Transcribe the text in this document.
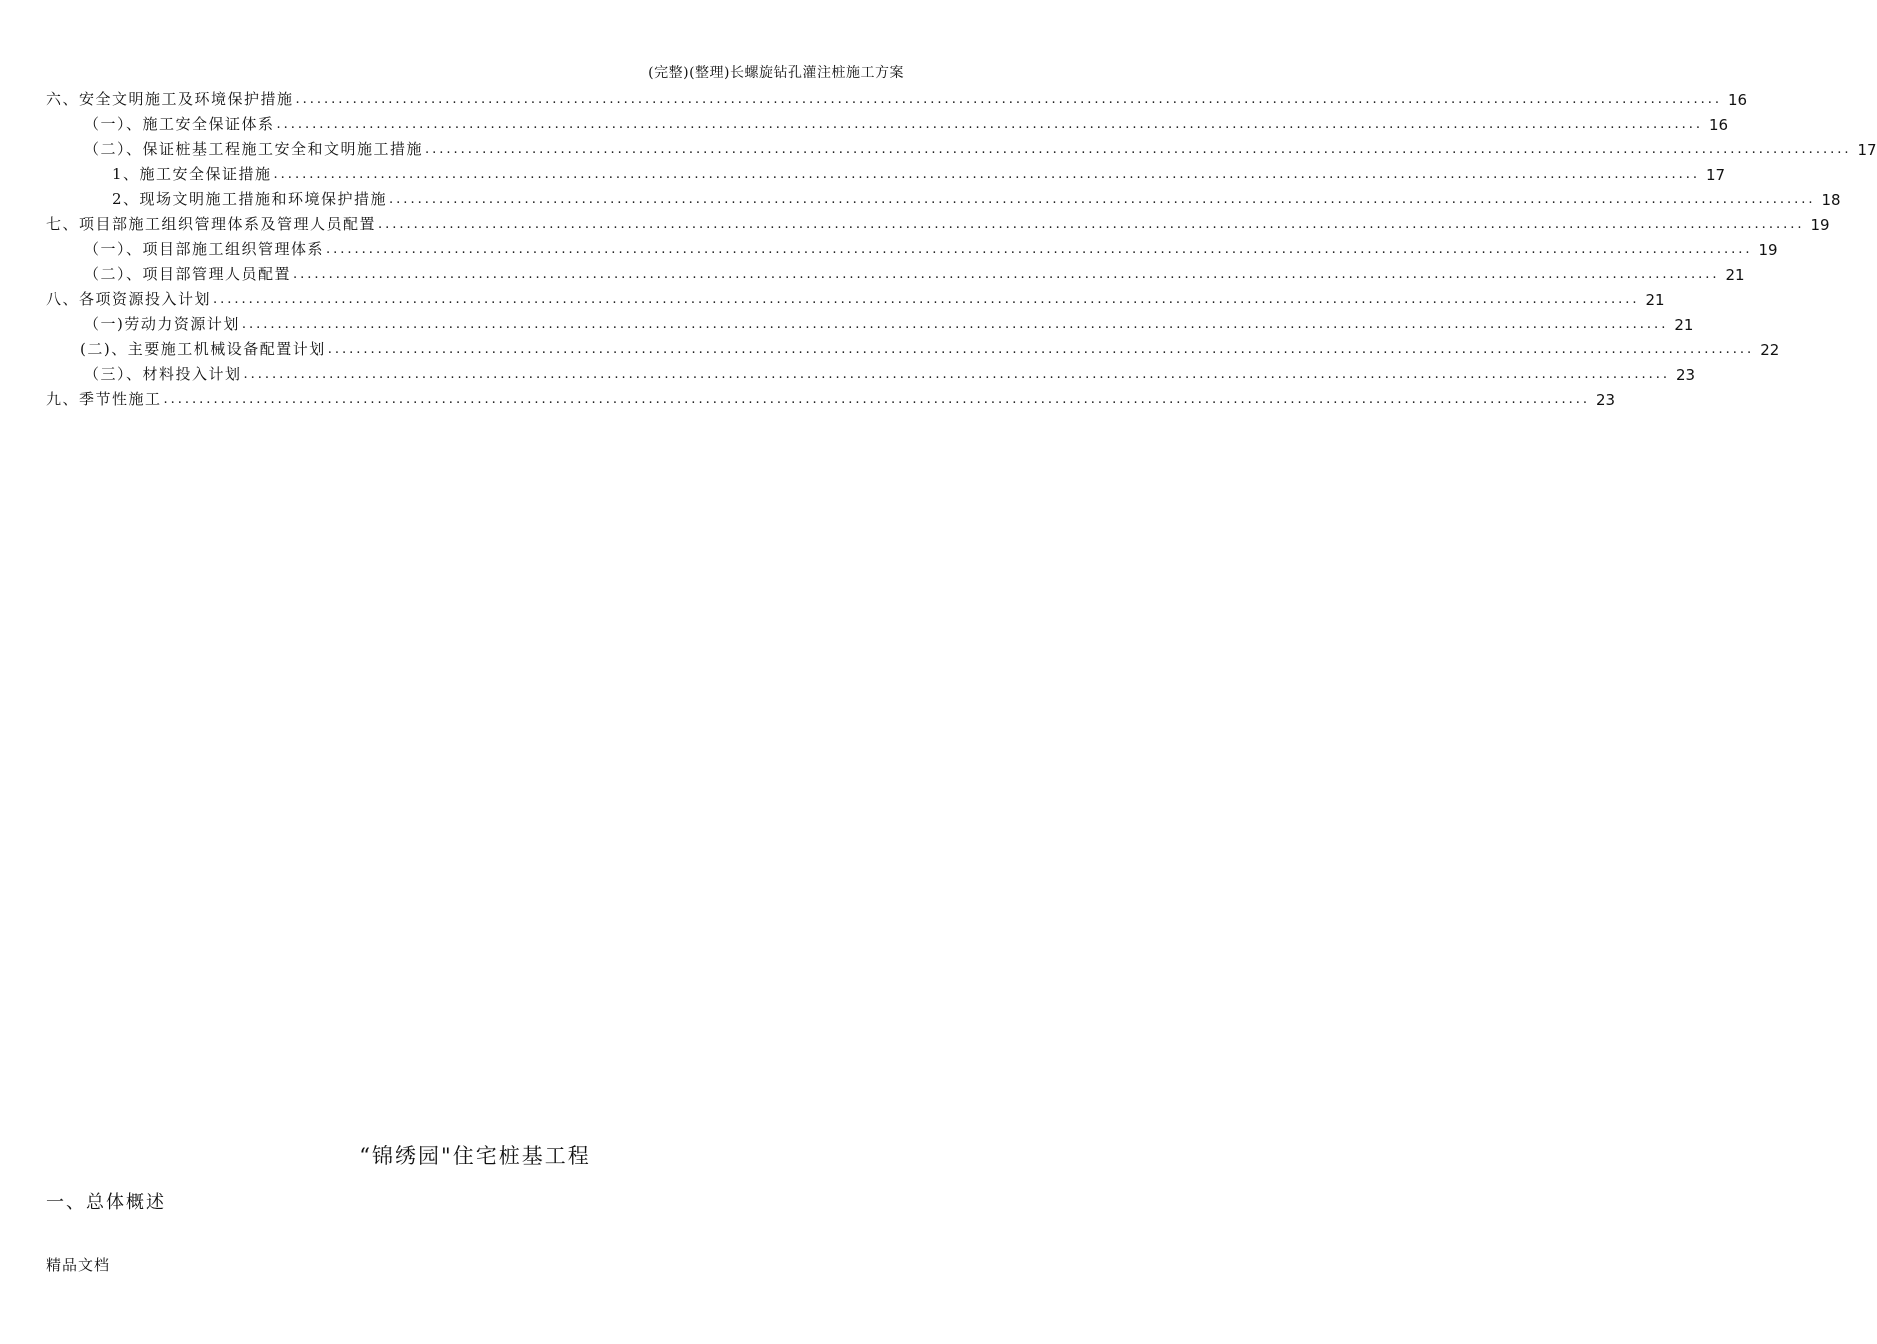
(完整)(整理)长螺旋钻孔灌注桩施工方案
六、安全文明施工及环境保护措施 ........................................................................................................................................................................................................ 16
（一）、施工安全保证体系 ........................................................................................................................................................................................................ 16
（二）、保证桩基工程施工安全和文明施工措施 ........................................................................................................................................................................................................ 17
1、施工安全保证措施 ........................................................................................................................................................................................................ 17
2、现场文明施工措施和环境保护措施 ........................................................................................................................................................................................................ 18
七、项目部施工组织管理体系及管理人员配置 ........................................................................................................................................................................................................ 19
（一）、项目部施工组织管理体系 ........................................................................................................................................................................................................ 19
（二）、项目部管理人员配置 ........................................................................................................................................................................................................ 21
八、各项资源投入计划 ........................................................................................................................................................................................................ 21
（一)劳动力资源计划 ........................................................................................................................................................................................................ 21
(二)、主要施工机械设备配置计划 ........................................................................................................................................................................................................ 22
（三）、材料投入计划 ........................................................................................................................................................................................................ 23
九、季节性施工 ........................................................................................................................................................................................................ 23
“锦绣园"住宅桩基工程
一、总体概述
精品文档
